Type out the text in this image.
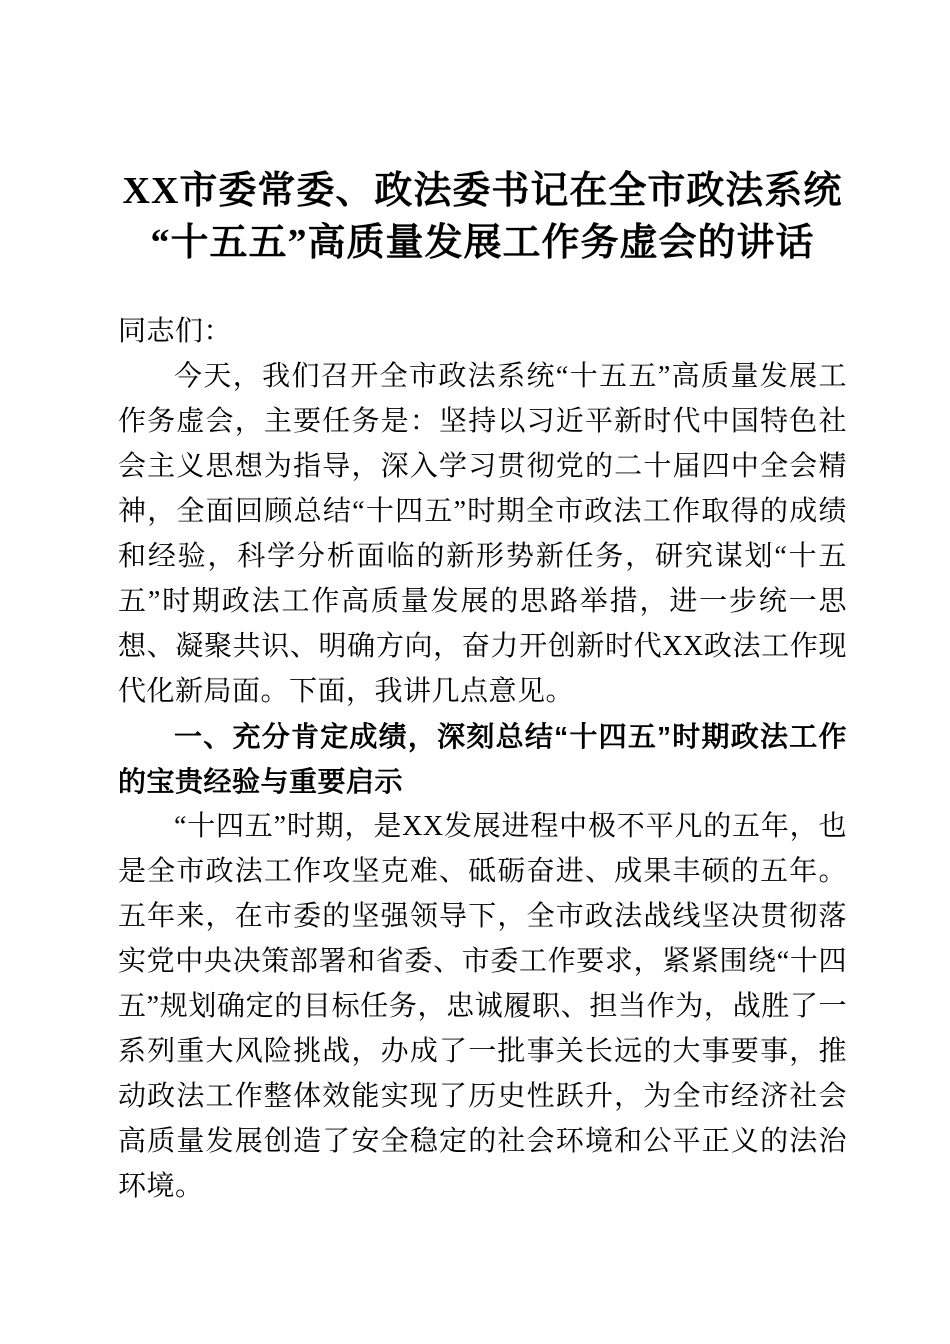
XX市委常委、政法委书记在全市政法系统
“十五五”高质量发展工作务虚会的讲话

同志们：

今天，我们召开全市政法系统“十五五”高质量发展工作务虚会，主要任务是：坚持以习近平新时代中国特色社会主义思想为指导，深入学习贯彻党的二十届四中全会精神，全面回顾总结“十四五”时期全市政法工作取得的成绩和经验，科学分析面临的新形势新任务，研究谋划“十五五”时期政法工作高质量发展的思路举措，进一步统一思想、凝聚共识、明确方向，奋力开创新时代XX政法工作现代化新局面。下面，我讲几点意见。

一、充分肯定成绩，深刻总结“十四五”时期政法工作的宝贵经验与重要启示

“十四五”时期，是XX发展进程中极不平凡的五年，也是全市政法工作攻坚克难、砥砺奋进、成果丰硕的五年。五年来，在市委的坚强领导下，全市政法战线坚决贯彻落实党中央决策部署和省委、市委工作要求，紧紧围绕“十四五”规划确定的目标任务，忠诚履职、担当作为，战胜了一系列重大风险挑战，办成了一批事关长远的大事要事，推动政法工作整体效能实现了历史性跃升，为全市经济社会高质量发展创造了安全稳定的社会环境和公平正义的法治环境。
